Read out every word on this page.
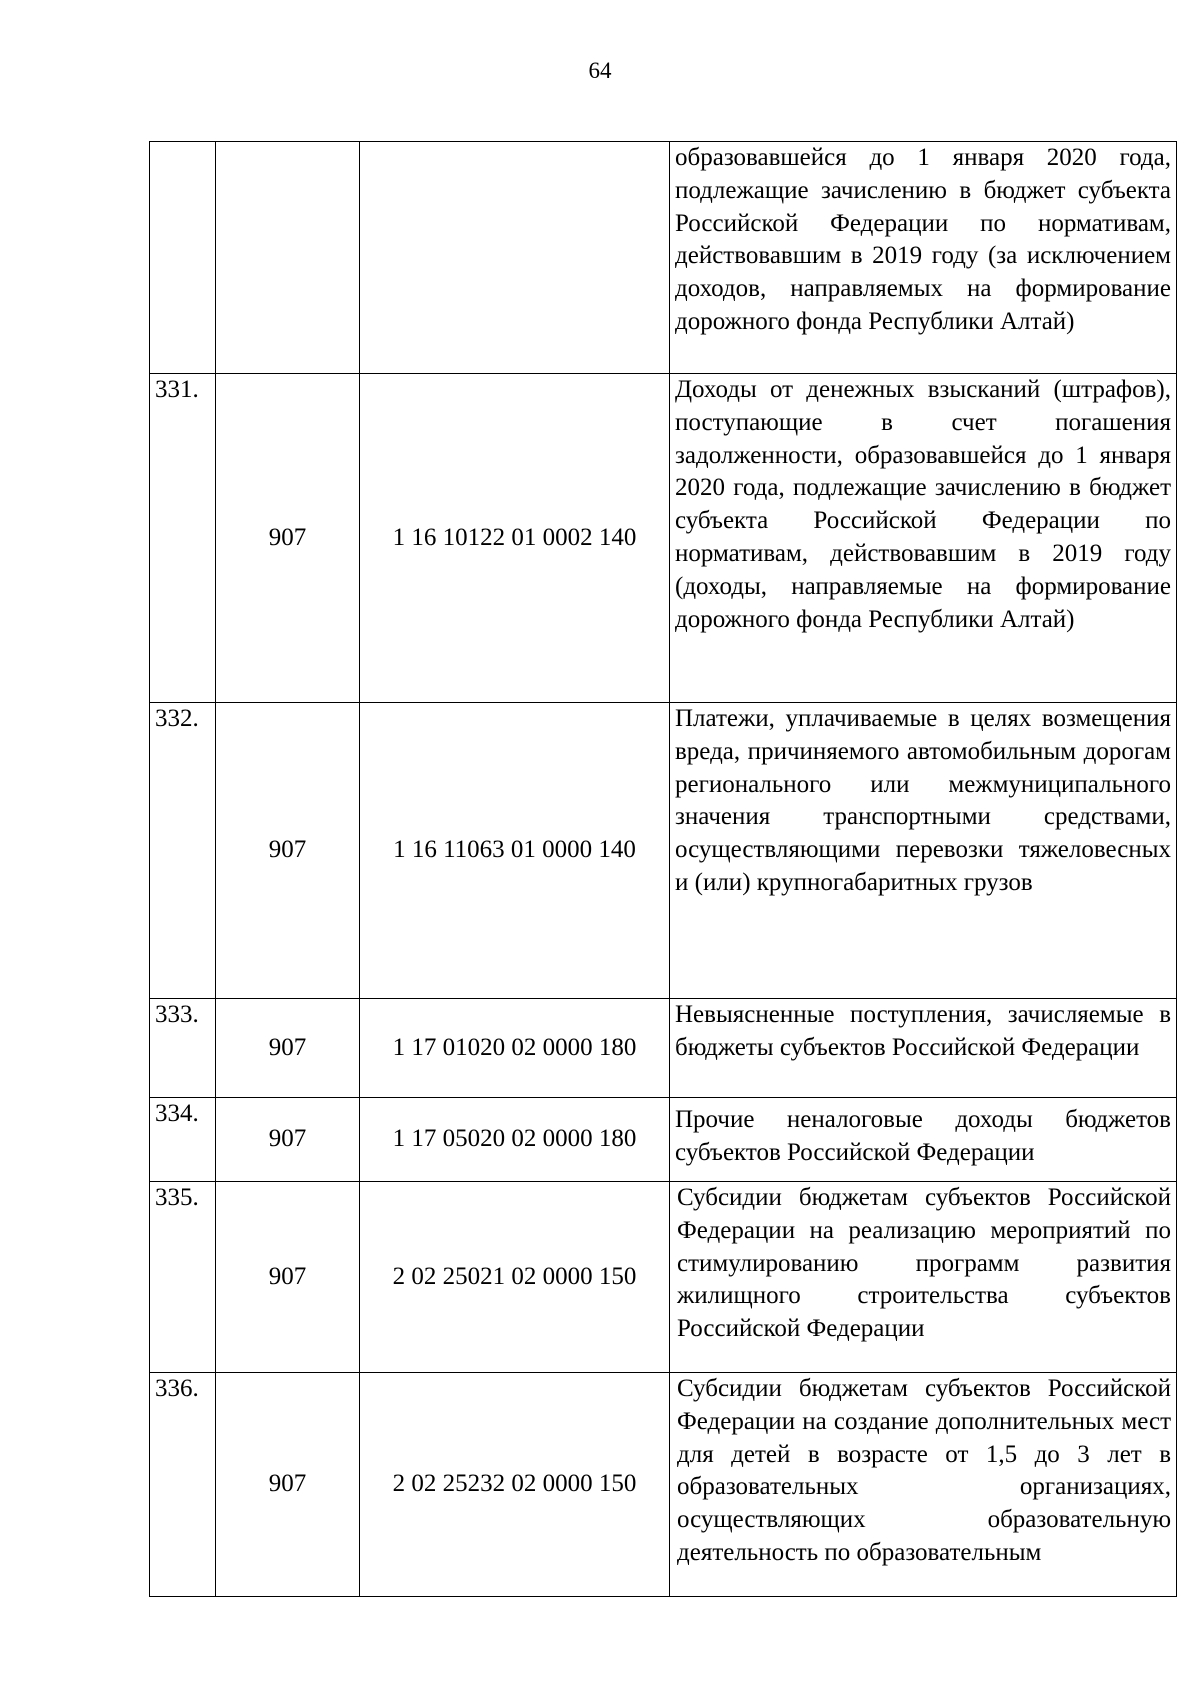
64
			образовавшейся до 1 января 2020 года, подлежащие зачислению в бюджет субъекта Российской Федерации по нормативам, действовавшим в 2019 году (за исключением доходов, направляемых на формирование дорожного фонда Республики Алтай)
331.	907	1 16 10122 01 0002 140	Доходы от денежных взысканий (штрафов), поступающие в счет погашения задолженности, образовавшейся до 1 января 2020 года, подлежащие зачислению в бюджет субъекта Российской Федерации по нормативам, действовавшим в 2019 году (доходы, направляемые на формирование дорожного фонда Республики Алтай)
332.	907	1 16 11063 01 0000 140	Платежи, уплачиваемые в целях возмещения вреда, причиняемого автомобильным дорогам регионального или межмуниципального значения транспортными средствами, осуществляющими перевозки тяжеловесных и (или) крупногабаритных грузов
333.	907	1 17 01020 02 0000 180	Невыясненные поступления, зачисляемые в бюджеты субъектов Российской Федерации
334.	907	1 17 05020 02 0000 180	Прочие неналоговые доходы бюджетов субъектов Российской Федерации
335.	907	2 02 25021 02 0000 150	Субсидии бюджетам субъектов Российской Федерации на реализацию мероприятий по стимулированию программ развития жилищного строительства субъектов Российской Федерации
336.	907	2 02 25232 02 0000 150	Субсидии бюджетам субъектов Российской Федерации на создание дополнительных мест для детей в возрасте от 1,5 до 3 лет в образовательных организациях, осуществляющих образовательную деятельность по образовательным
